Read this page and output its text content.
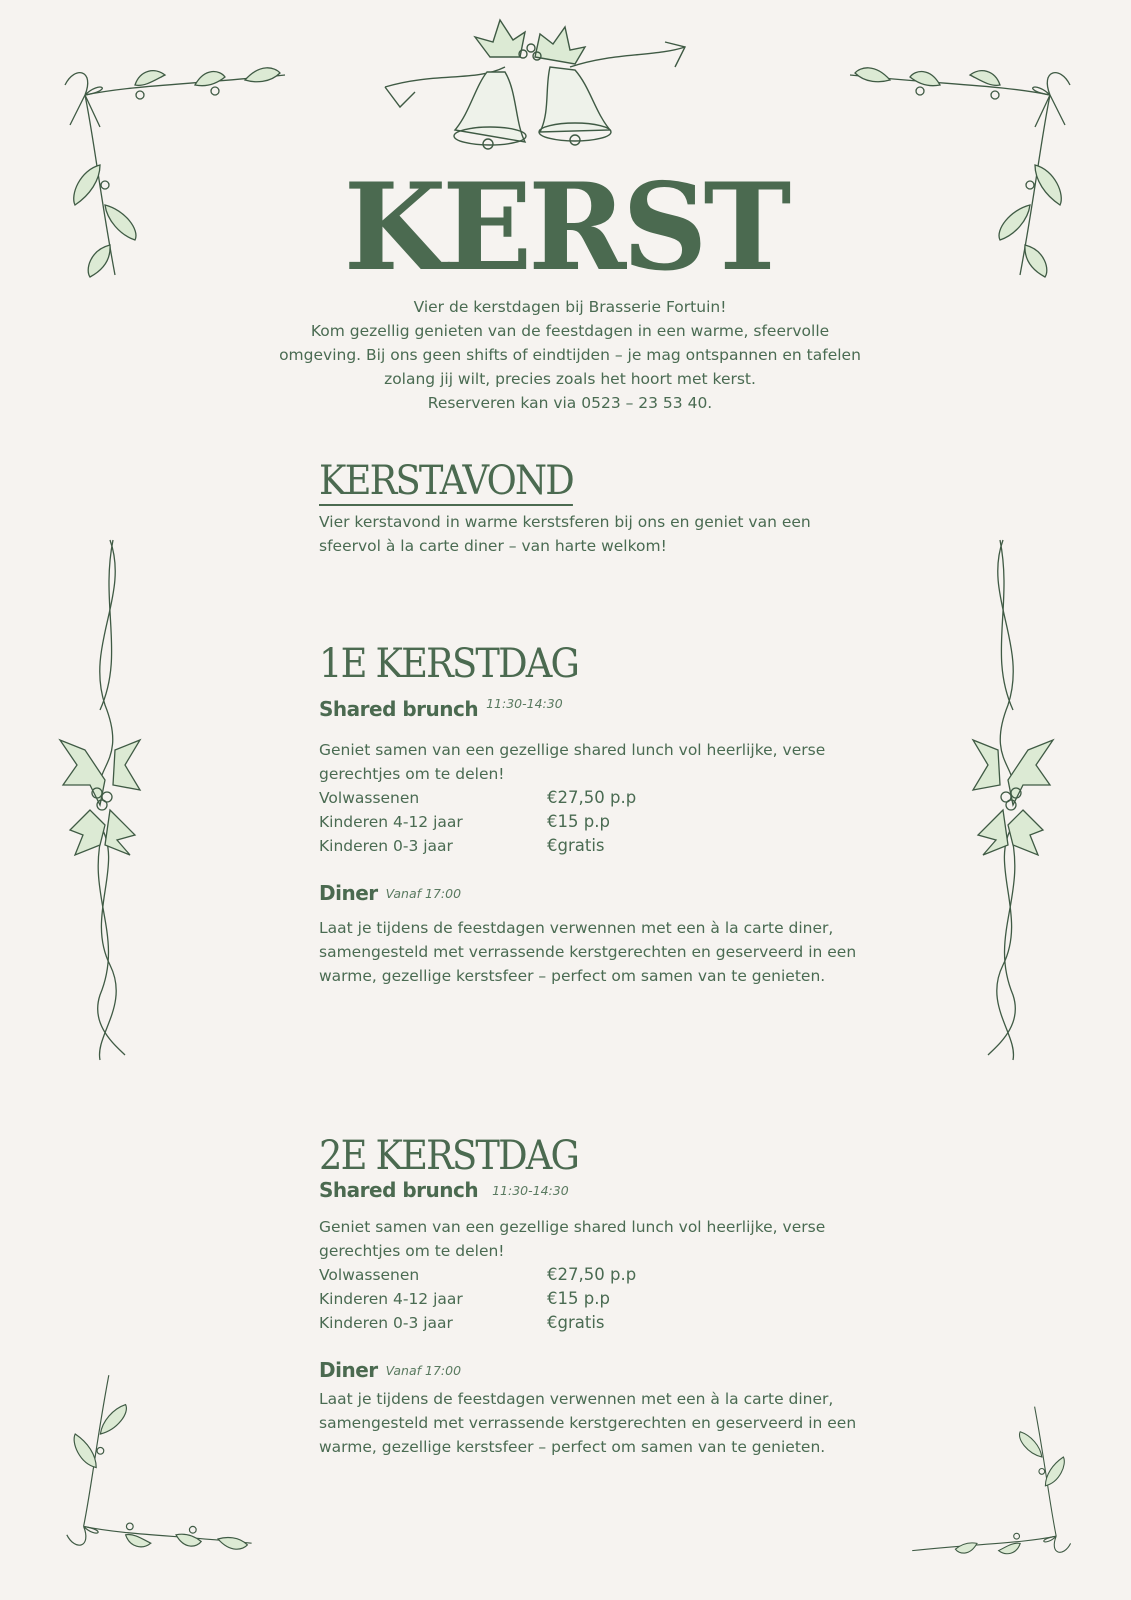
KERST

Vier de kerstdagen bij Brasserie Fortuin!

Kom gezellig genieten van de feestdagen in een warme, sfeervolle

omgeving. Bij ons geen shifts of eindtijden – je mag ontspannen en tafelen

zolang jij wilt, precies zoals het hoort met kerst.

Reserveren kan via 0523 – 23 53 40.

KERSTAVOND

Vier kerstavond in warme kerstsferen bij ons en geniet van een

sfeervol à la carte diner – van harte welkom!

1E KERSTDAG

Shared brunch $^{11:30-14:30}$

Geniet samen van een gezellige shared lunch vol heerlijke, verse

gerechtjes om te delen!

Volwassenen	€27,50 p.p
Kinderen 4-12 jaar	€15 p.p
Kinderen 0-3 jaar	€gratis

Diner Vanaf 17:00

Laat je tijdens de feestdagen verwennen met een à la carte diner,

samengesteld met verrassende kerstgerechten en geserveerd in een

warme, gezellige kerstsfeer – perfect om samen van te genieten.

2E KERSTDAG

Shared brunch 11:30-14:30

Geniet samen van een gezellige shared lunch vol heerlijke, verse

gerechtjes om te delen!

Volwassenen	€27,50 p.p
Kinderen 4-12 jaar	€15 p.p
Kinderen 0-3 jaar	€gratis

Diner Vanaf 17:00

Laat je tijdens de feestdagen verwennen met een à la carte diner,

samengesteld met verrassende kerstgerechten en geserveerd in een

warme, gezellige kerstsfeer – perfect om samen van te genieten.
